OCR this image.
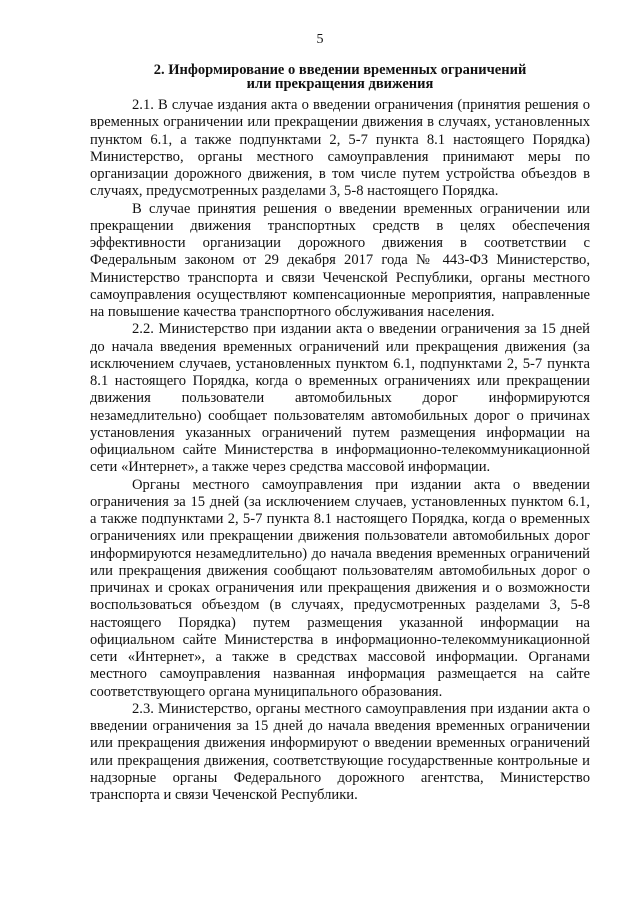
5
2. Информирование о введении временных ограничений
или прекращения движения

2.1. В случае издания акта о введении ограничения (принятия решения о временных ограничении или прекращении движения в случаях, установленных пунктом 6.1, а также подпунктами 2, 5-7 пункта 8.1 настоящего Порядка) Министерство, органы местного самоуправления принимают меры по организации дорожного движения, в том числе путем устройства объездов в случаях, предусмотренных разделами 3, 5-8 настоящего Порядка.

В случае принятия решения о введении временных ограничении или прекращении движения транспортных средств в целях обеспечения эффективности организации дорожного движения в соответствии с Федеральным законом от 29 декабря 2017 года № 443-ФЗ Министерство, Министерство транспорта и связи Чеченской Республики, органы местного самоуправления осуществляют компенсационные мероприятия, направленные на повышение качества транспортного обслуживания населения.

2.2. Министерство при издании акта о введении ограничения за 15 дней до начала введения временных ограничений или прекращения движения (за исключением случаев, установленных пунктом 6.1, подпунктами 2, 5-7 пункта 8.1 настоящего Порядка, когда о временных ограничениях или прекращении движения пользователи автомобильных дорог информируются незамедлительно) сообщает пользователям автомобильных дорог о причинах установления указанных ограничений путем размещения информации на официальном сайте Министерства в информационно-телекоммуникационной сети «Интернет», а также через средства массовой информации.

Органы местного самоуправления при издании акта о введении ограничения за 15 дней (за исключением случаев, установленных пунктом 6.1, а также подпунктами 2, 5-7 пункта 8.1 настоящего Порядка, когда о временных ограничениях или прекращении движения пользователи автомобильных дорог информируются незамедлительно) до начала введения временных ограничений или прекращения движения сообщают пользователям автомобильных дорог о причинах и сроках ограничения или прекращения движения и о возможности воспользоваться объездом (в случаях, предусмотренных разделами 3, 5-8 настоящего Порядка) путем размещения указанной информации на официальном сайте Министерства в информационно-телекоммуникационной сети «Интернет», а также в средствах массовой информации. Органами местного самоуправления названная информация размещается на сайте соответствующего органа муниципального образования.

2.3. Министерство, органы местного самоуправления при издании акта о введении ограничения за 15 дней до начала введения временных ограничении или прекращения движения информируют о введении временных ограничений или прекращения движения, соответствующие государственные контрольные и надзорные органы Федерального дорожного агентства, Министерство транспорта и связи Чеченской Республики.
